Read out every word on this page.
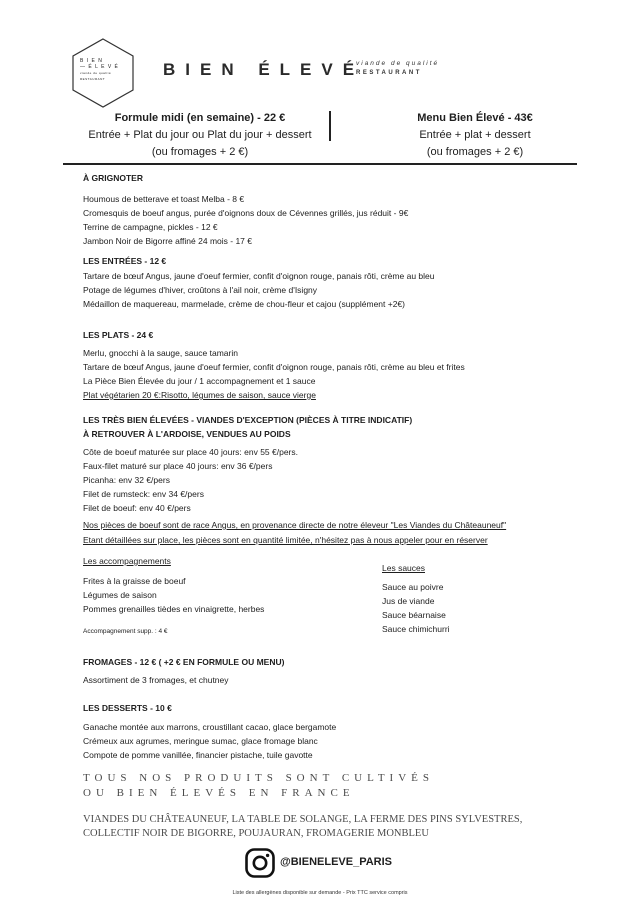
B I E N
— É L E V É

viande de qualité
RESTAURANT	BIEN ÉLEVÉ
viande de qualité
RESTAURANT
Formule midi (en semaine) - 22 €
Entrée + Plat du jour ou Plat du jour + dessert
(ou fromages + 2 €)
Menu Bien Élevé - 43€
Entrée + plat + dessert
(ou fromages + 2 €)
À GRIGNOTER
Houmous de betterave et toast Melba - 8 €
Cromesquis de boeuf angus, purée d'oignons doux de Cévennes grillés, jus réduit - 9€
Terrine de campagne, pickles - 12 €
Jambon Noir de Bigorre affiné 24 mois - 17 €
LES ENTRÉES - 12 €
Tartare de bœuf Angus, jaune d'oeuf fermier, confit d'oignon rouge, panais rôti, crème au bleu
Potage de légumes d'hiver, croûtons à l'ail noir, crème d'Isigny
Médaillon de maquereau, marmelade, crème de chou-fleur et cajou (supplément +2€)
LES PLATS - 24 €
Merlu, gnocchi à la sauge, sauce tamarin
Tartare de bœuf Angus, jaune d'oeuf fermier, confit d'oignon rouge, panais rôti, crème au bleu et frites
La Pièce Bien Élevée du jour / 1 accompagnement et 1 sauce
Plat végétarien 20 €:Risotto, légumes de saison, sauce vierge
LES TRÈS BIEN ÉLEVÉES - VIANDES D'EXCEPTION (PIÈCES À TITRE INDICATIF)
À RETROUVER À L'ARDOISE, VENDUES AU POIDS
Côte de boeuf maturée sur place 40 jours: env 55 €/pers.
Faux-filet maturé sur place 40 jours: env 36 €/pers
Picanha: env 32 €/pers
Filet de rumsteck: env 34 €/pers
Filet de boeuf: env 40 €/pers
Nos pièces de boeuf sont de race Angus, en provenance directe de notre éleveur "Les Viandes du Châteauneuf"
Etant détaillées sur place, les pièces sont en quantité limitée, n'hésitez pas à nous appeler pour en réserver
Les accompagnements
Frites à la graisse de boeuf
Légumes de saison
Pommes grenailles tièdes en vinaigrette, herbes
Accompagnement supp. : 4 €
Les sauces
Sauce au poivre
Jus de viande
Sauce béarnaise
Sauce chimichurri
FROMAGES - 12 € ( +2 € EN FORMULE OU MENU)
Assortiment de 3 fromages, et chutney
LES DESSERTS - 10 €
Ganache montée aux marrons, croustillant cacao, glace bergamote
Crémeux aux agrumes, meringue sumac, glace fromage blanc
Compote de pomme vanillée, financier pistache, tuile gavotte
TOUS NOS PRODUITS SONT CULTIVÉS
OU BIEN ÉLEVÉS EN FRANCE
VIANDES DU CHÂTEAUNEUF, LA TABLE DE SOLANGE, LA FERME DES PINS SYLVESTRES,
COLLECTIF NOIR DE BIGORRE, POUJAURAN, FROMAGERIE MONBLEU
@BIENELEVE_PARIS
Liste des allergènes disponible sur demande - Prix TTC service compris
